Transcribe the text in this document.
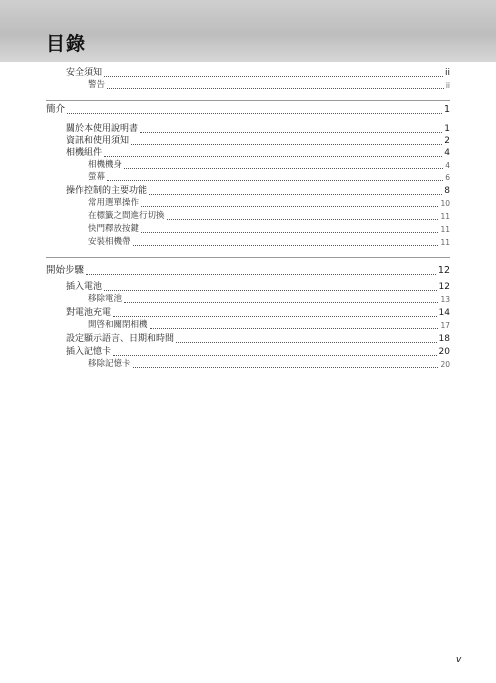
目錄
安全須知	ii
警告	ii
簡介	1
關於本使用說明書	1
資訊和使用須知	2
相機組件	4
相機機身	4
螢幕	6
操作控制的主要功能	8
常用選單操作	10
在標籤之間進行切換	11
快門釋放按鍵	11
安裝相機帶	11
開始步驟	12
插入電池	12
移除電池	13
對電池充電	14
開啓和關閉相機	17
設定顯示語言、日期和時間	18
插入記憶卡	20
移除記憶卡	20
v
